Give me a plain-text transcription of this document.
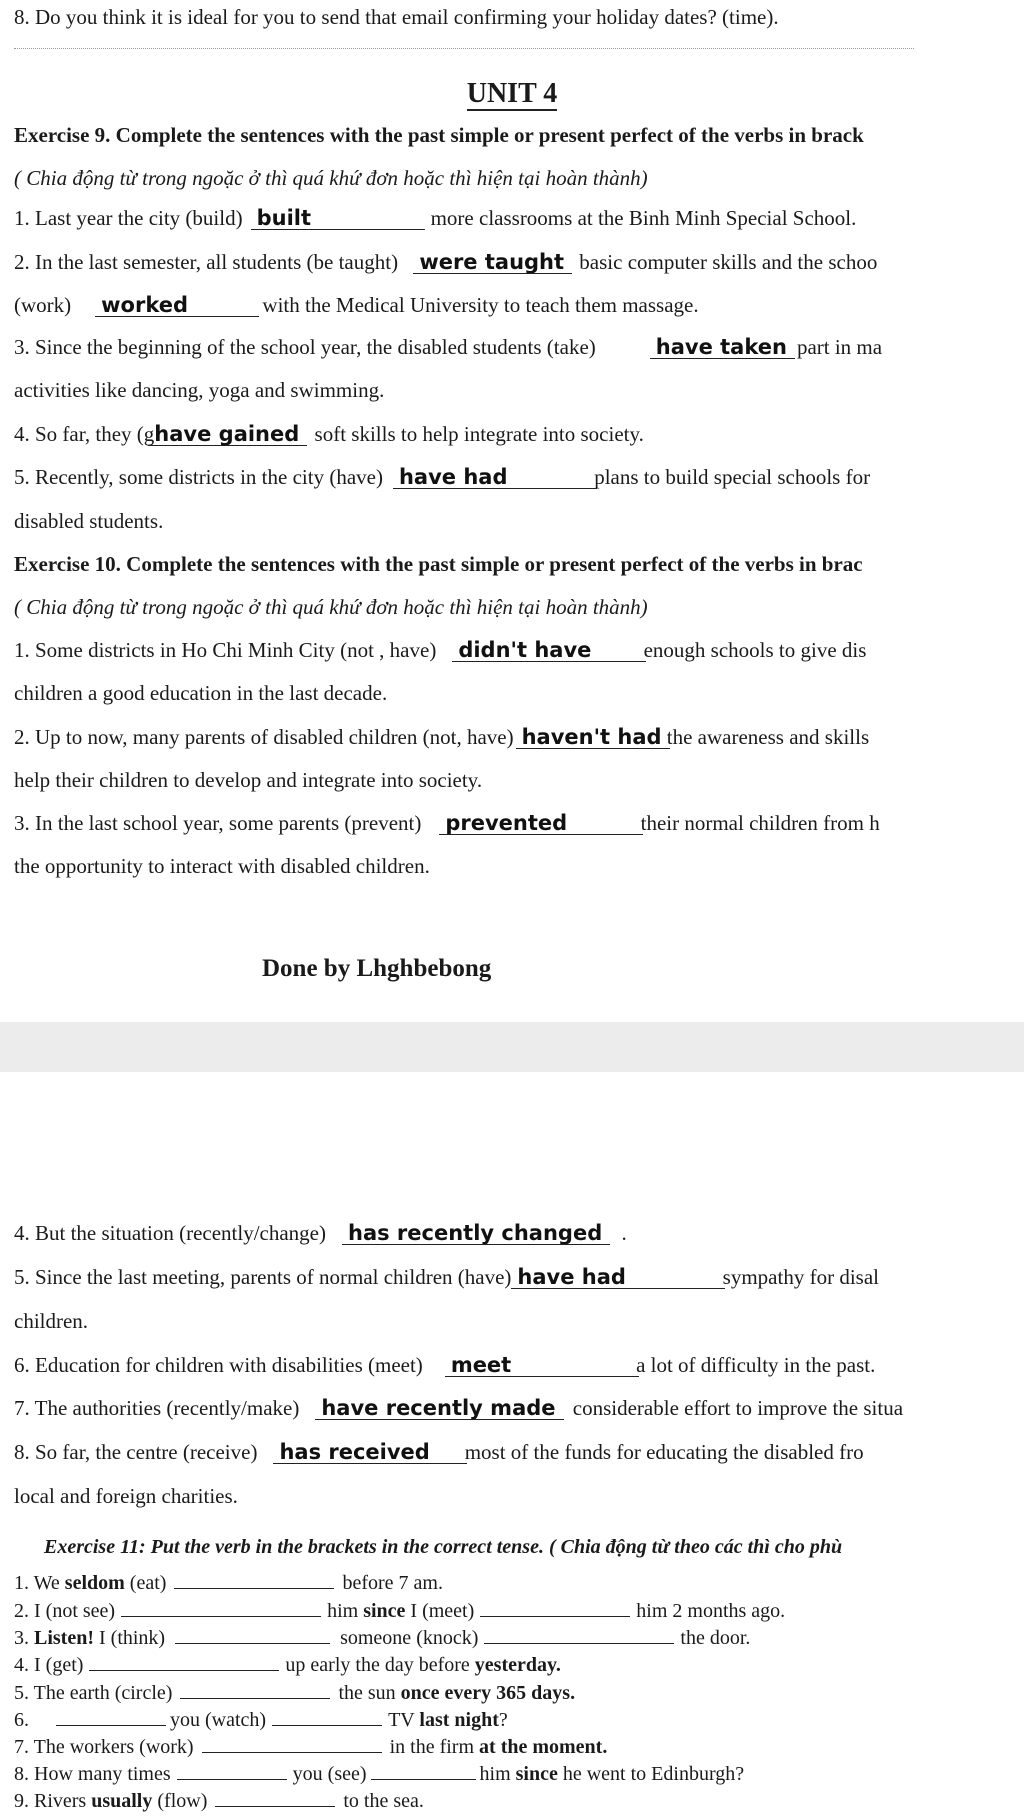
8. Do you think it is ideal for you to send that email confirming your holiday dates? (time).
UNIT 4
Exercise 9. Complete the sentences with the past simple or present perfect of the verbs in brack
( Chia động từ trong ngoặc ở thì quá khứ đơn hoặc thì hiện tại hoàn thành)
1. Last year the city (build) built	more classrooms at the Binh Minh Special School.
2. In the last semester, all students (be taught) were taught basic computer skills and the schoo
(work) worked	with the Medical University to teach them massage.
3. Since the beginning of the school year, the disabled students (take)	have taken part in ma
activities like dancing, yoga and swimming.
4. So far, they (ghave gained soft skills to help integrate into society.
5. Recently, some districts in the city (have) have had	plans to build special schools for
disabled students.
Exercise 10. Complete the sentences with the past simple or present perfect of the verbs in brac
( Chia động từ trong ngoặc ở thì quá khứ đơn hoặc thì hiện tại hoàn thành)
1. Some districts in Ho Chi Minh City (not , have) didn't have enough schools to give dis
children a good education in the last decade.
2. Up to now, many parents of disabled children (not, have) haven't had the awareness and skills
help their children to develop and integrate into society.
3. In the last school year, some parents (prevent) prevented	their normal children from h
the opportunity to interact with disabled children.
Done by Lhghbebong
4. But the situation (recently/change) has recently changed .
5. Since the last meeting, parents of normal children (have) have had	sympathy for disal
children.
6. Education for children with disabilities (meet) meet	a lot of difficulty in the past.
7. The authorities (recently/make) have recently made considerable effort to improve the situa
8. So far, the centre (receive) has received most of the funds for educating the disabled fro
local and foreign charities.
Exercise 11: Put the verb in the brackets in the correct tense. ( Chia động từ theo các thì cho phù
1. We seldom (eat)	before 7 am.
2. I (not see)	him since I (meet)	him 2 months ago.
3. Listen! I (think)	someone (knock)	the door.
4. I (get)	up early the day before yesterday.
5. The earth (circle)	the sun once every 365 days.
6.	you (watch)	TV last night?
7. The workers (work)	in the firm at the moment.
8. How many times	you (see)	him since he went to Edinburgh?
9. Rivers usually (flow)	to the sea.
